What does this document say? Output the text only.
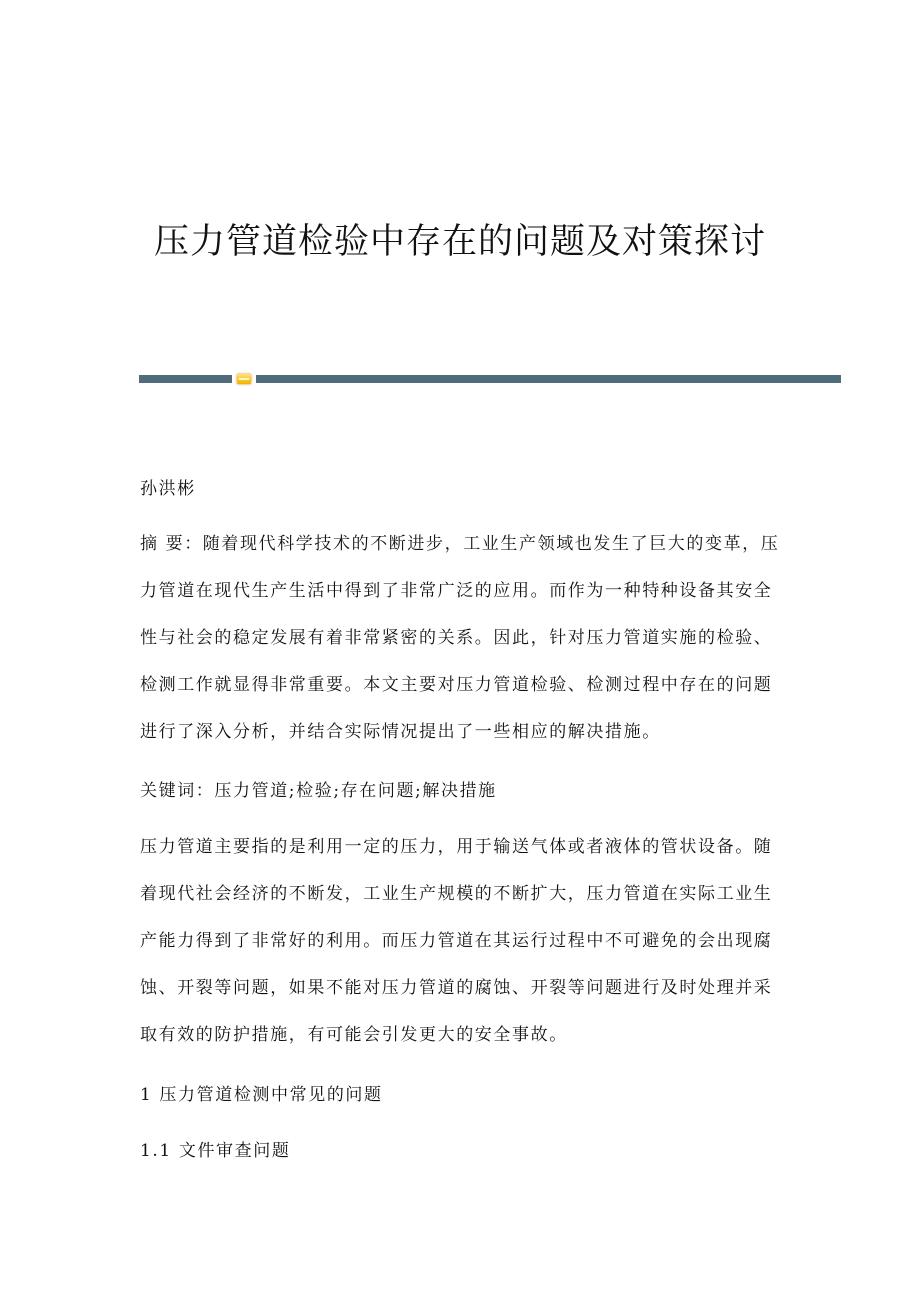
压力管道检验中存在的问题及对策探讨
孙洪彬
摘 要：随着现代科学技术的不断进步，工业生产领域也发生了巨大的变革，压
力管道在现代生产生活中得到了非常广泛的应用。而作为一种特种设备其安全
性与社会的稳定发展有着非常紧密的关系。因此，针对压力管道实施的检验、
检测工作就显得非常重要。本文主要对压力管道检验、检测过程中存在的问题
进行了深入分析，并结合实际情况提出了一些相应的解决措施。
关键词：压力管道;检验;存在问题;解决措施
压力管道主要指的是利用一定的压力，用于输送气体或者液体的管状设备。随
着现代社会经济的不断发，工业生产规模的不断扩大，压力管道在实际工业生
产能力得到了非常好的利用。而压力管道在其运行过程中不可避免的会出现腐
蚀、开裂等问题，如果不能对压力管道的腐蚀、开裂等问题进行及时处理并采
取有效的防护措施，有可能会引发更大的安全事故。
1 压力管道检测中常见的问题
1.1 文件审查问题
